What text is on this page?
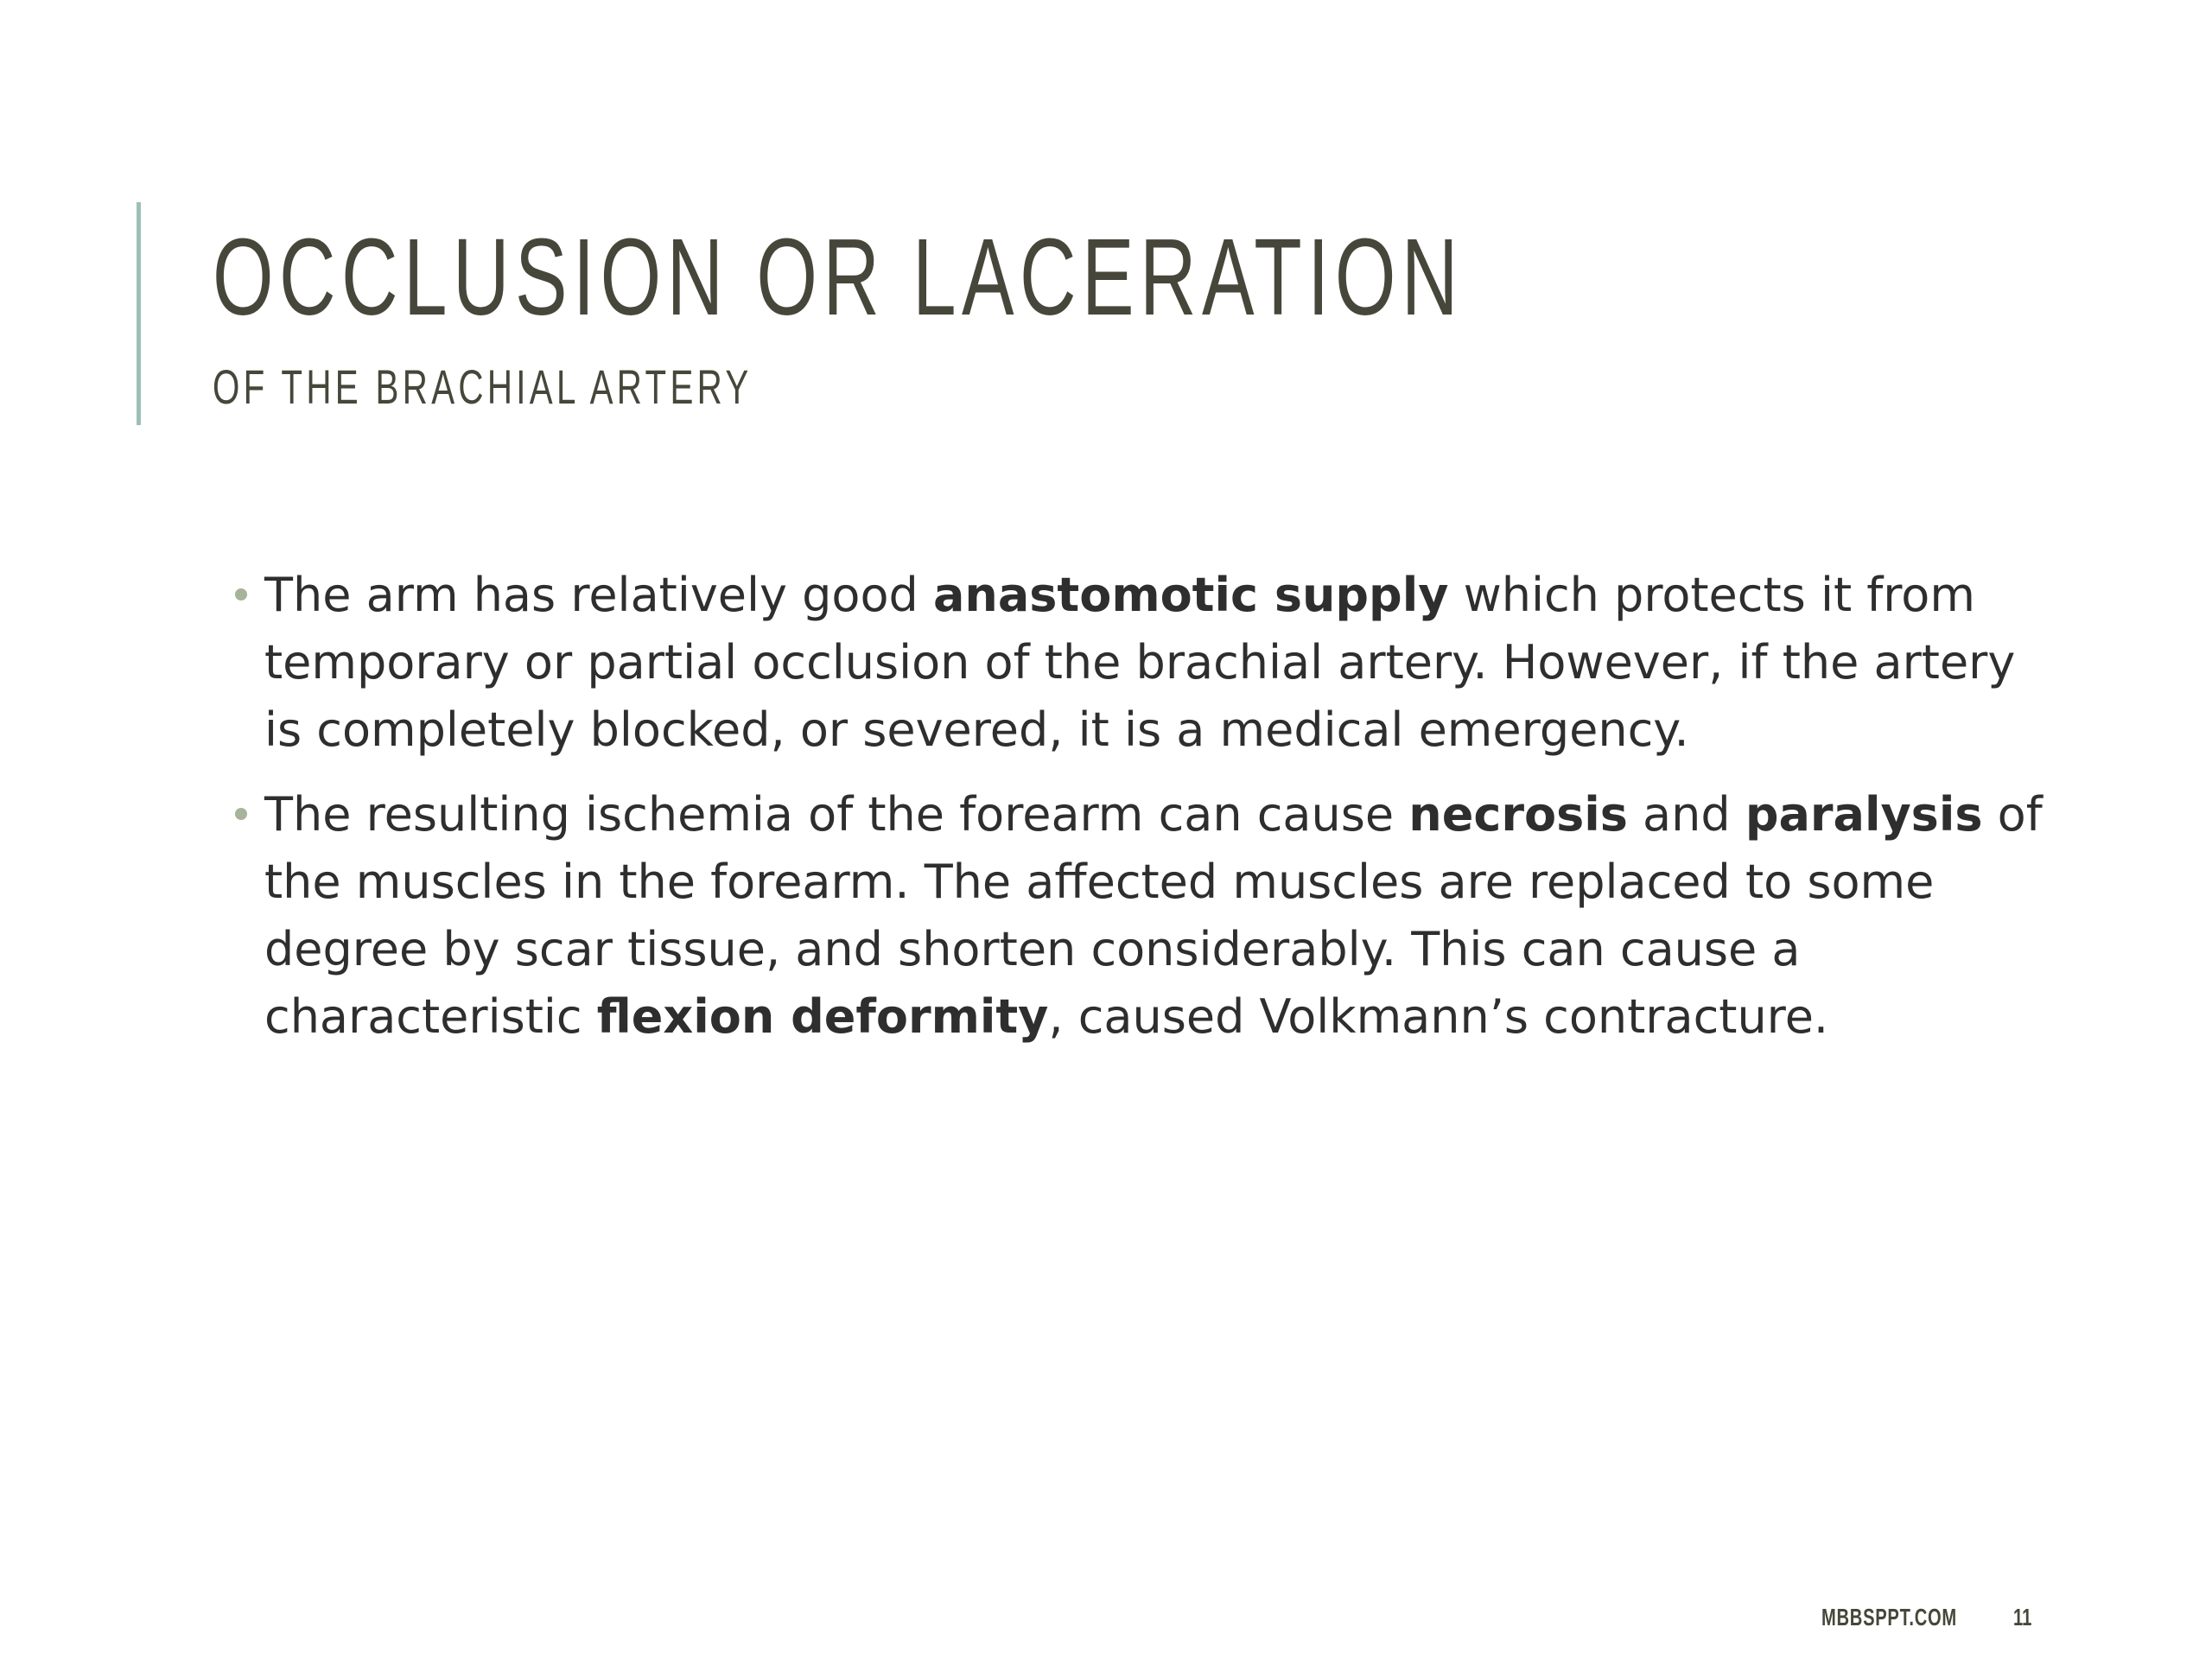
OCCLUSION OR LACERATION
OF THE BRACHIAL ARTERY
The arm has relatively good anastomotic supply which protects it from temporary or partial occlusion of the brachial artery. However, if the artery is completely blocked, or severed, it is a medical emergency.
The resulting ischemia of the forearm can cause necrosis and paralysis of the muscles in the forearm. The affected muscles are replaced to some degree by scar tissue, and shorten considerably. This can cause a characteristic flexion deformity, caused Volkmann’s contracture.
MBBSPPT.COM 11
